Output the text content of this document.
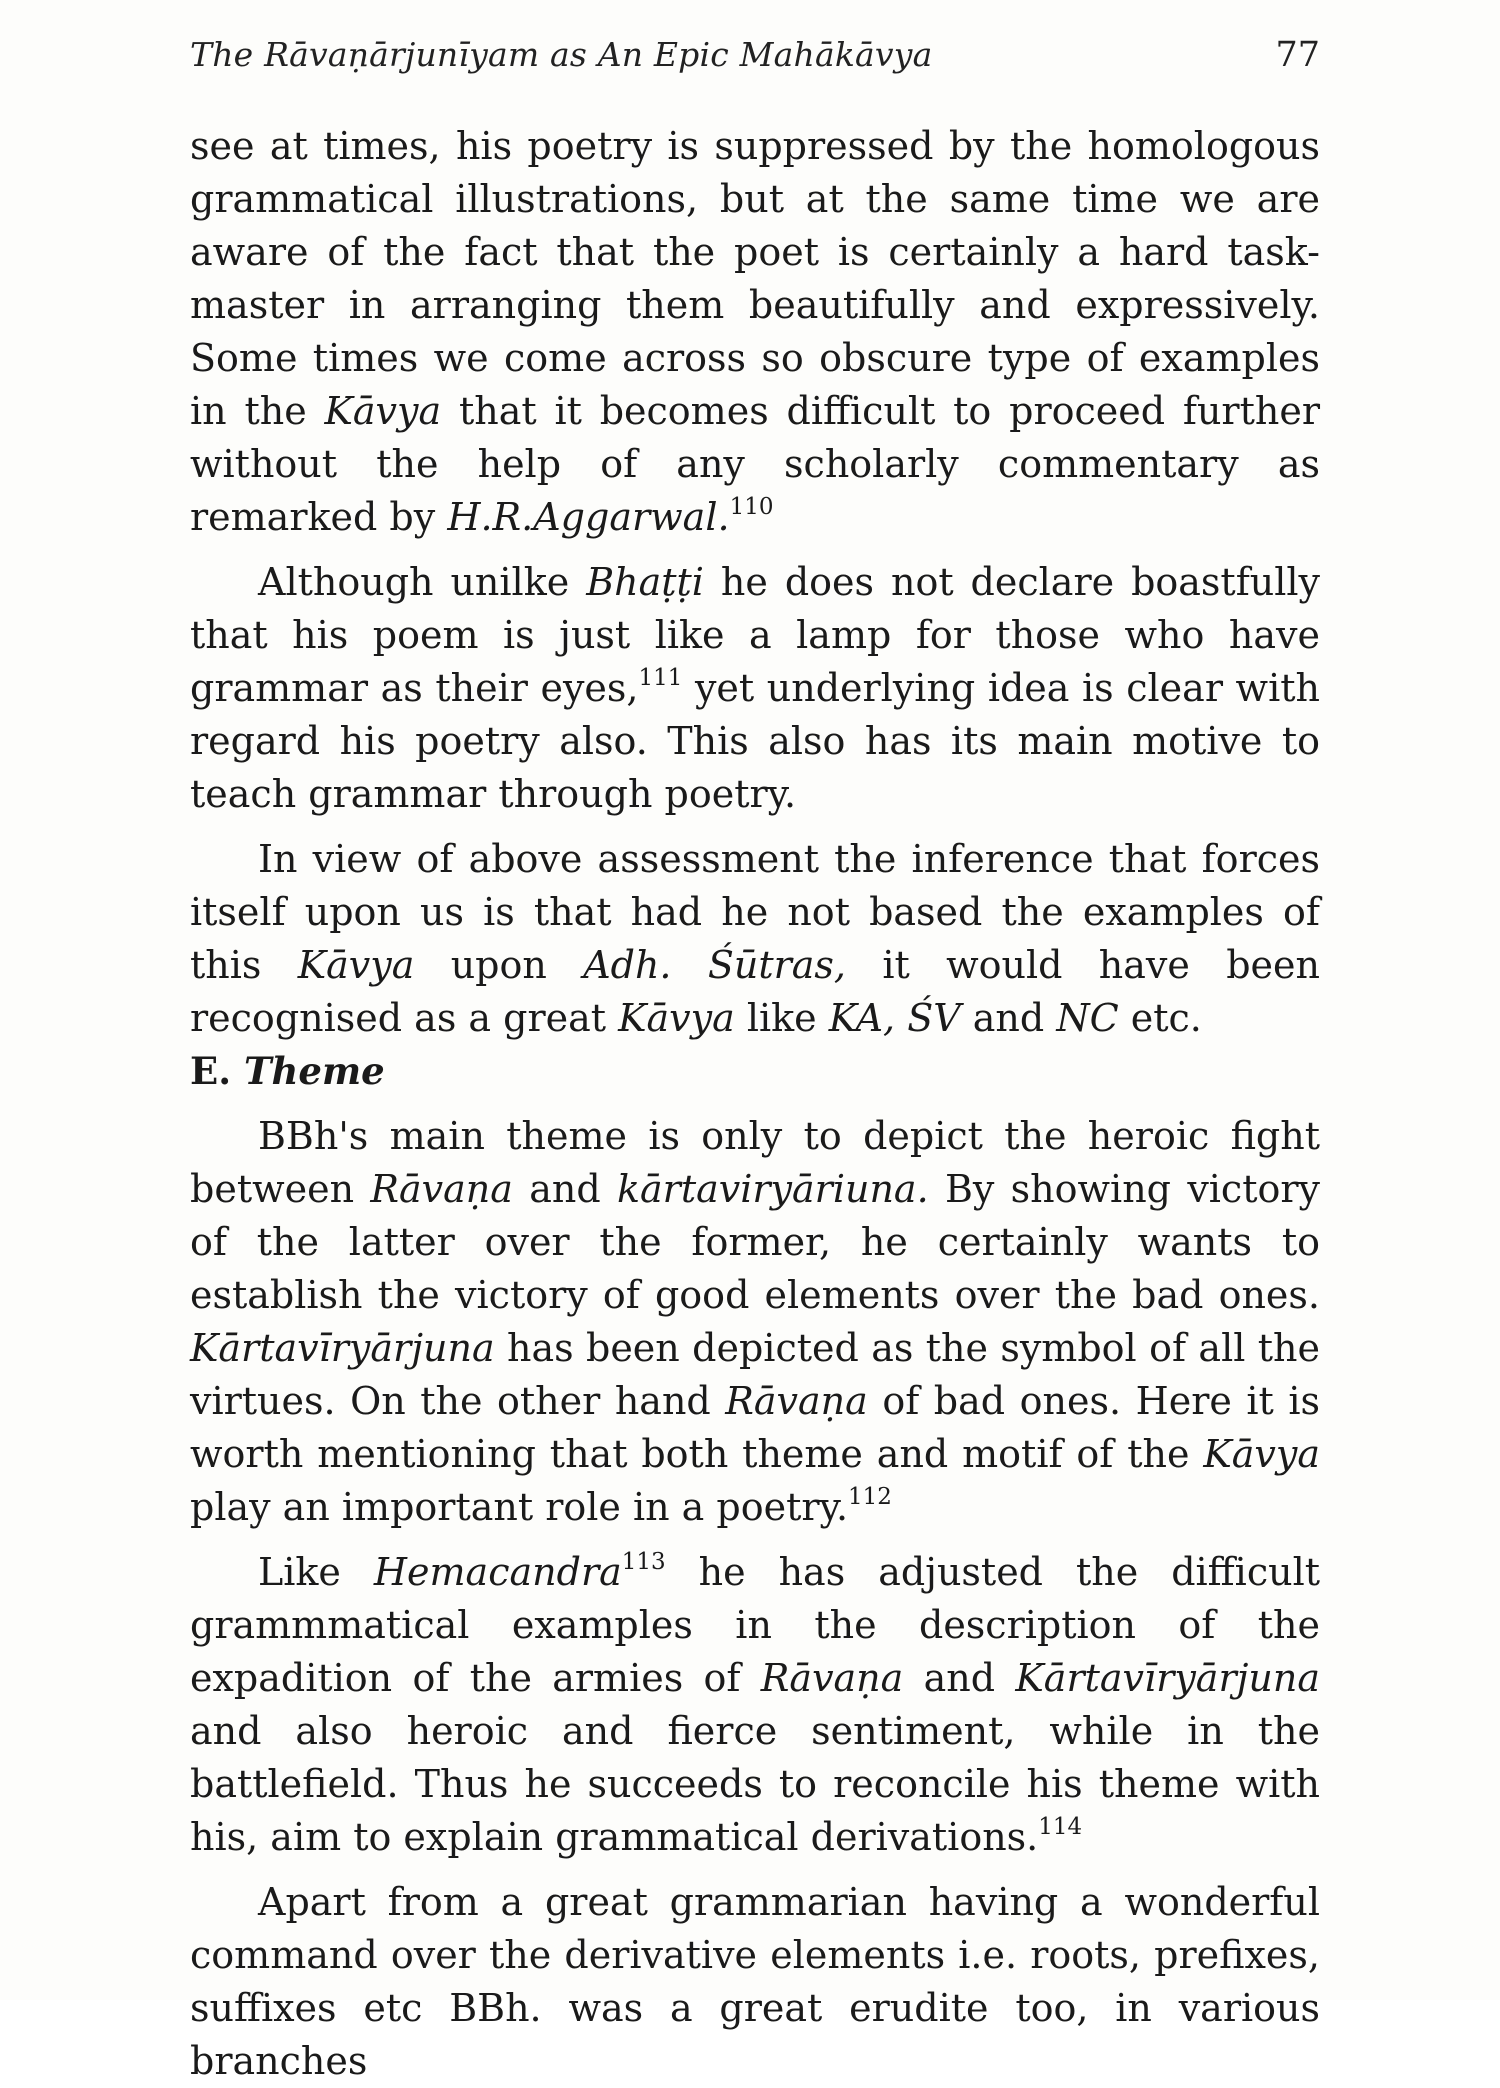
The Rāvaṇārjunīyam as An Epic Mahākāvya	77

see at times, his poetry is suppressed by the homologous grammatical illustrations, but at the same time we are aware of the fact that the poet is certainly a hard task-master in arranging them beautifully and expressively. Some times we come across so obscure type of examples in the Kāvya that it becomes difficult to proceed further without the help of any scholarly commentary as remarked by H.R.Aggarwal.$^{110}$

Although unilke Bhaṭṭi he does not declare boastfully that his poem is just like a lamp for those who have grammar as their eyes,$^{111}$ yet underlying idea is clear with regard his poetry also. This also has its main motive to teach grammar through poetry.

In view of above assessment the inference that forces itself upon us is that had he not based the examples of this Kāvya upon Adh. Śūtras, it would have been recognised as a great Kāvya like KA, ŚV and NC etc.

E. Theme

BBh's main theme is only to depict the heroic fight between Rāvaṇa and kārtaviryāriuna. By showing victory of the latter over the former, he certainly wants to establish the victory of good elements over the bad ones. Kārtavīryārjuna has been depicted as the symbol of all the virtues. On the other hand Rāvaṇa of bad ones. Here it is worth mentioning that both theme and motif of the Kāvya play an important role in a poetry.$^{112}$

Like Hemacandra$^{113}$ he has adjusted the difficult grammmatical examples in the description of the expadition of the armies of Rāvaṇa and Kārtavīryārjuna and also heroic and fierce sentiment, while in the battlefield. Thus he succeeds to reconcile his theme with his, aim to explain grammatical derivations.$^{114}$

Apart from a great grammarian having a wonderful command over the derivative elements i.e. roots, prefixes, suffixes etc BBh. was a great erudite too, in various branches
